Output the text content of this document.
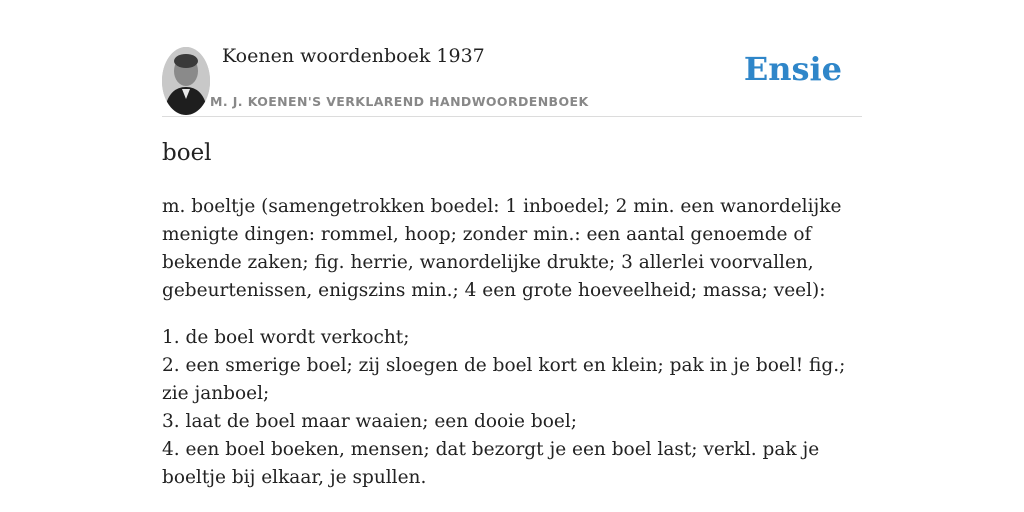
Koenen woordenboek 1937
M. J. KOENEN'S VERKLAREND HANDWOORDENBOEK
Ensie
boel
m. boeltje (samengetrokken boedel: 1 inboedel; 2 min. een wanordelijke menigte dingen: rommel, hoop; zonder min.: een aantal genoemde of bekende zaken; fig. herrie, wanordelijke drukte; 3 allerlei voorvallen, gebeurtenissen, enigszins min.; 4 een grote hoeveelheid; massa; veel):
1. de boel wordt verkocht;
2. een smerige boel; zij sloegen de boel kort en klein; pak in je boel! fig.; zie janboel;
3. laat de boel maar waaien; een dooie boel;
4. een boel boeken, mensen; dat bezorgt je een boel last; verkl. pak je boeltje bij elkaar, je spullen.
